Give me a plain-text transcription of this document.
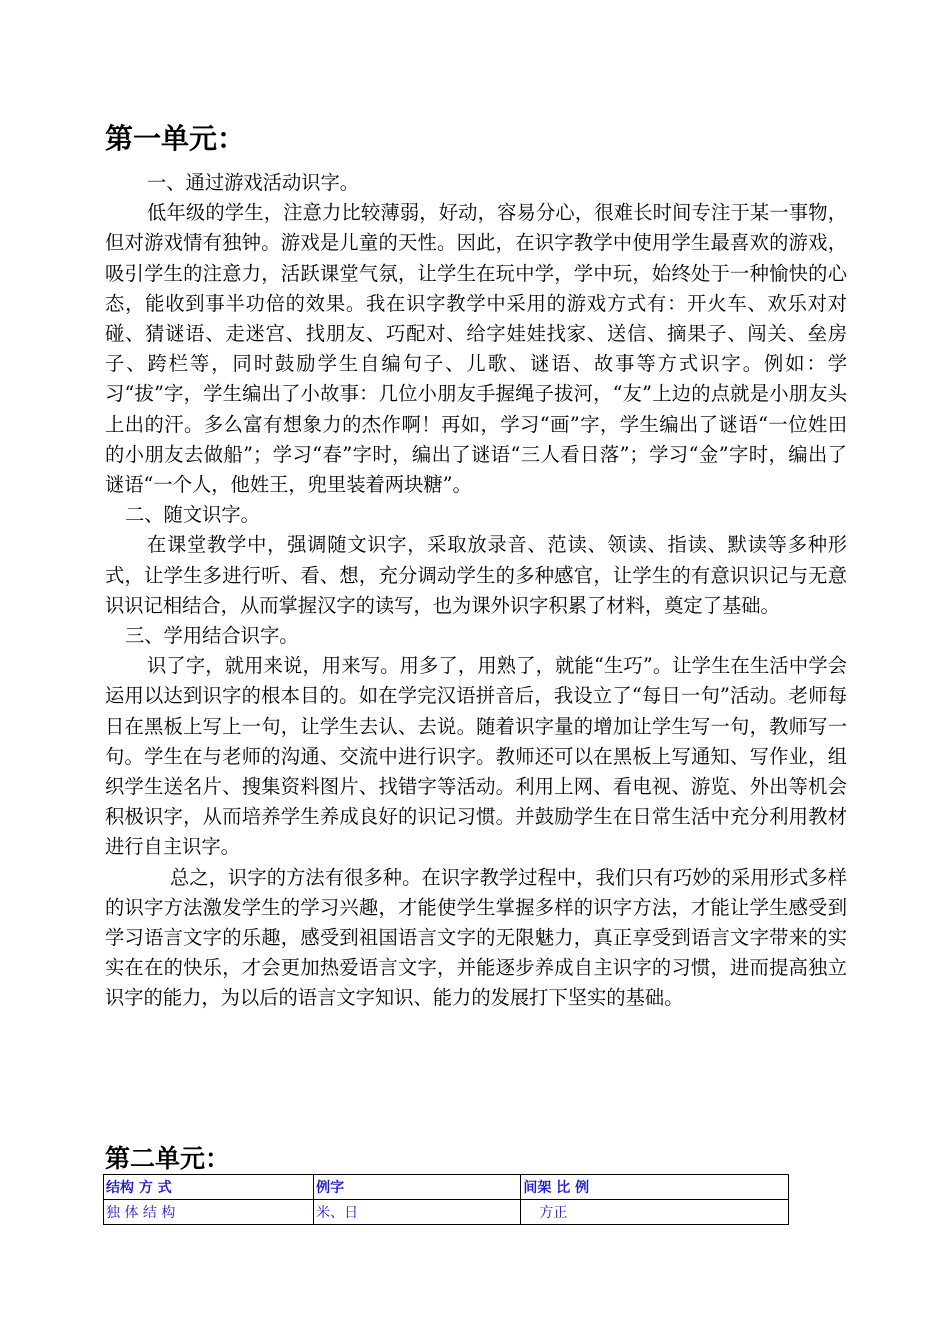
第一单元：

一、通过游戏活动识字。

低年级的学生，注意力比较薄弱，好动，容易分心，很难长时间专注于某一事物，但对游戏情有独钟。游戏是儿童的天性。因此，在识字教学中使用学生最喜欢的游戏，吸引学生的注意力，活跃课堂气氛，让学生在玩中学，学中玩，始终处于一种愉快的心态，能收到事半功倍的效果。我在识字教学中采用的游戏方式有：开火车、欢乐对对碰、猜谜语、走迷宫、找朋友、巧配对、给字娃娃找家、送信、摘果子、闯关、垒房子、跨栏等，同时鼓励学生自编句子、儿歌、谜语、故事等方式识字。例如：学习“拔”字，学生编出了小故事：几位小朋友手握绳子拔河，“友”上边的点就是小朋友头上出的汗。多么富有想象力的杰作啊！再如，学习“画”字，学生编出了谜语“一位姓田的小朋友去做船”；学习“春”字时，编出了谜语“三人看日落”；学习“金”字时，编出了谜语“一个人，他姓王，兜里装着两块糖”。

二、随文识字。

在课堂教学中，强调随文识字，采取放录音、范读、领读、指读、默读等多种形式，让学生多进行听、看、想，充分调动学生的多种感官，让学生的有意识识记与无意识识记相结合，从而掌握汉字的读写，也为课外识字积累了材料，奠定了基础。

三、学用结合识字。

识了字，就用来说，用来写。用多了，用熟了，就能“生巧”。让学生在生活中学会运用以达到识字的根本目的。如在学完汉语拼音后，我设立了“每日一句”活动。老师每日在黑板上写上一句，让学生去认、去说。随着识字量的增加让学生写一句，教师写一句。学生在与老师的沟通、交流中进行识字。教师还可以在黑板上写通知、写作业，组织学生送名片、搜集资料图片、找错字等活动。利用上网、看电视、游览、外出等机会积极识字，从而培养学生养成良好的识记习惯。并鼓励学生在日常生活中充分利用教材进行自主识字。

总之，识字的方法有很多种。在识字教学过程中，我们只有巧妙的采用形式多样的识字方法激发学生的学习兴趣，才能使学生掌握多样的识字方法，才能让学生感受到学习语言文字的乐趣，感受到祖国语言文字的无限魅力，真正享受到语言文字带来的实实在在的快乐，才会更加热爱语言文字，并能逐步养成自主识字的习惯，进而提高独立识字的能力，为以后的语言文字知识、能力的发展打下坚实的基础。

第二单元：
结构 方 式	例字	间架 比 例
独 体 结 构	米、日	方正
